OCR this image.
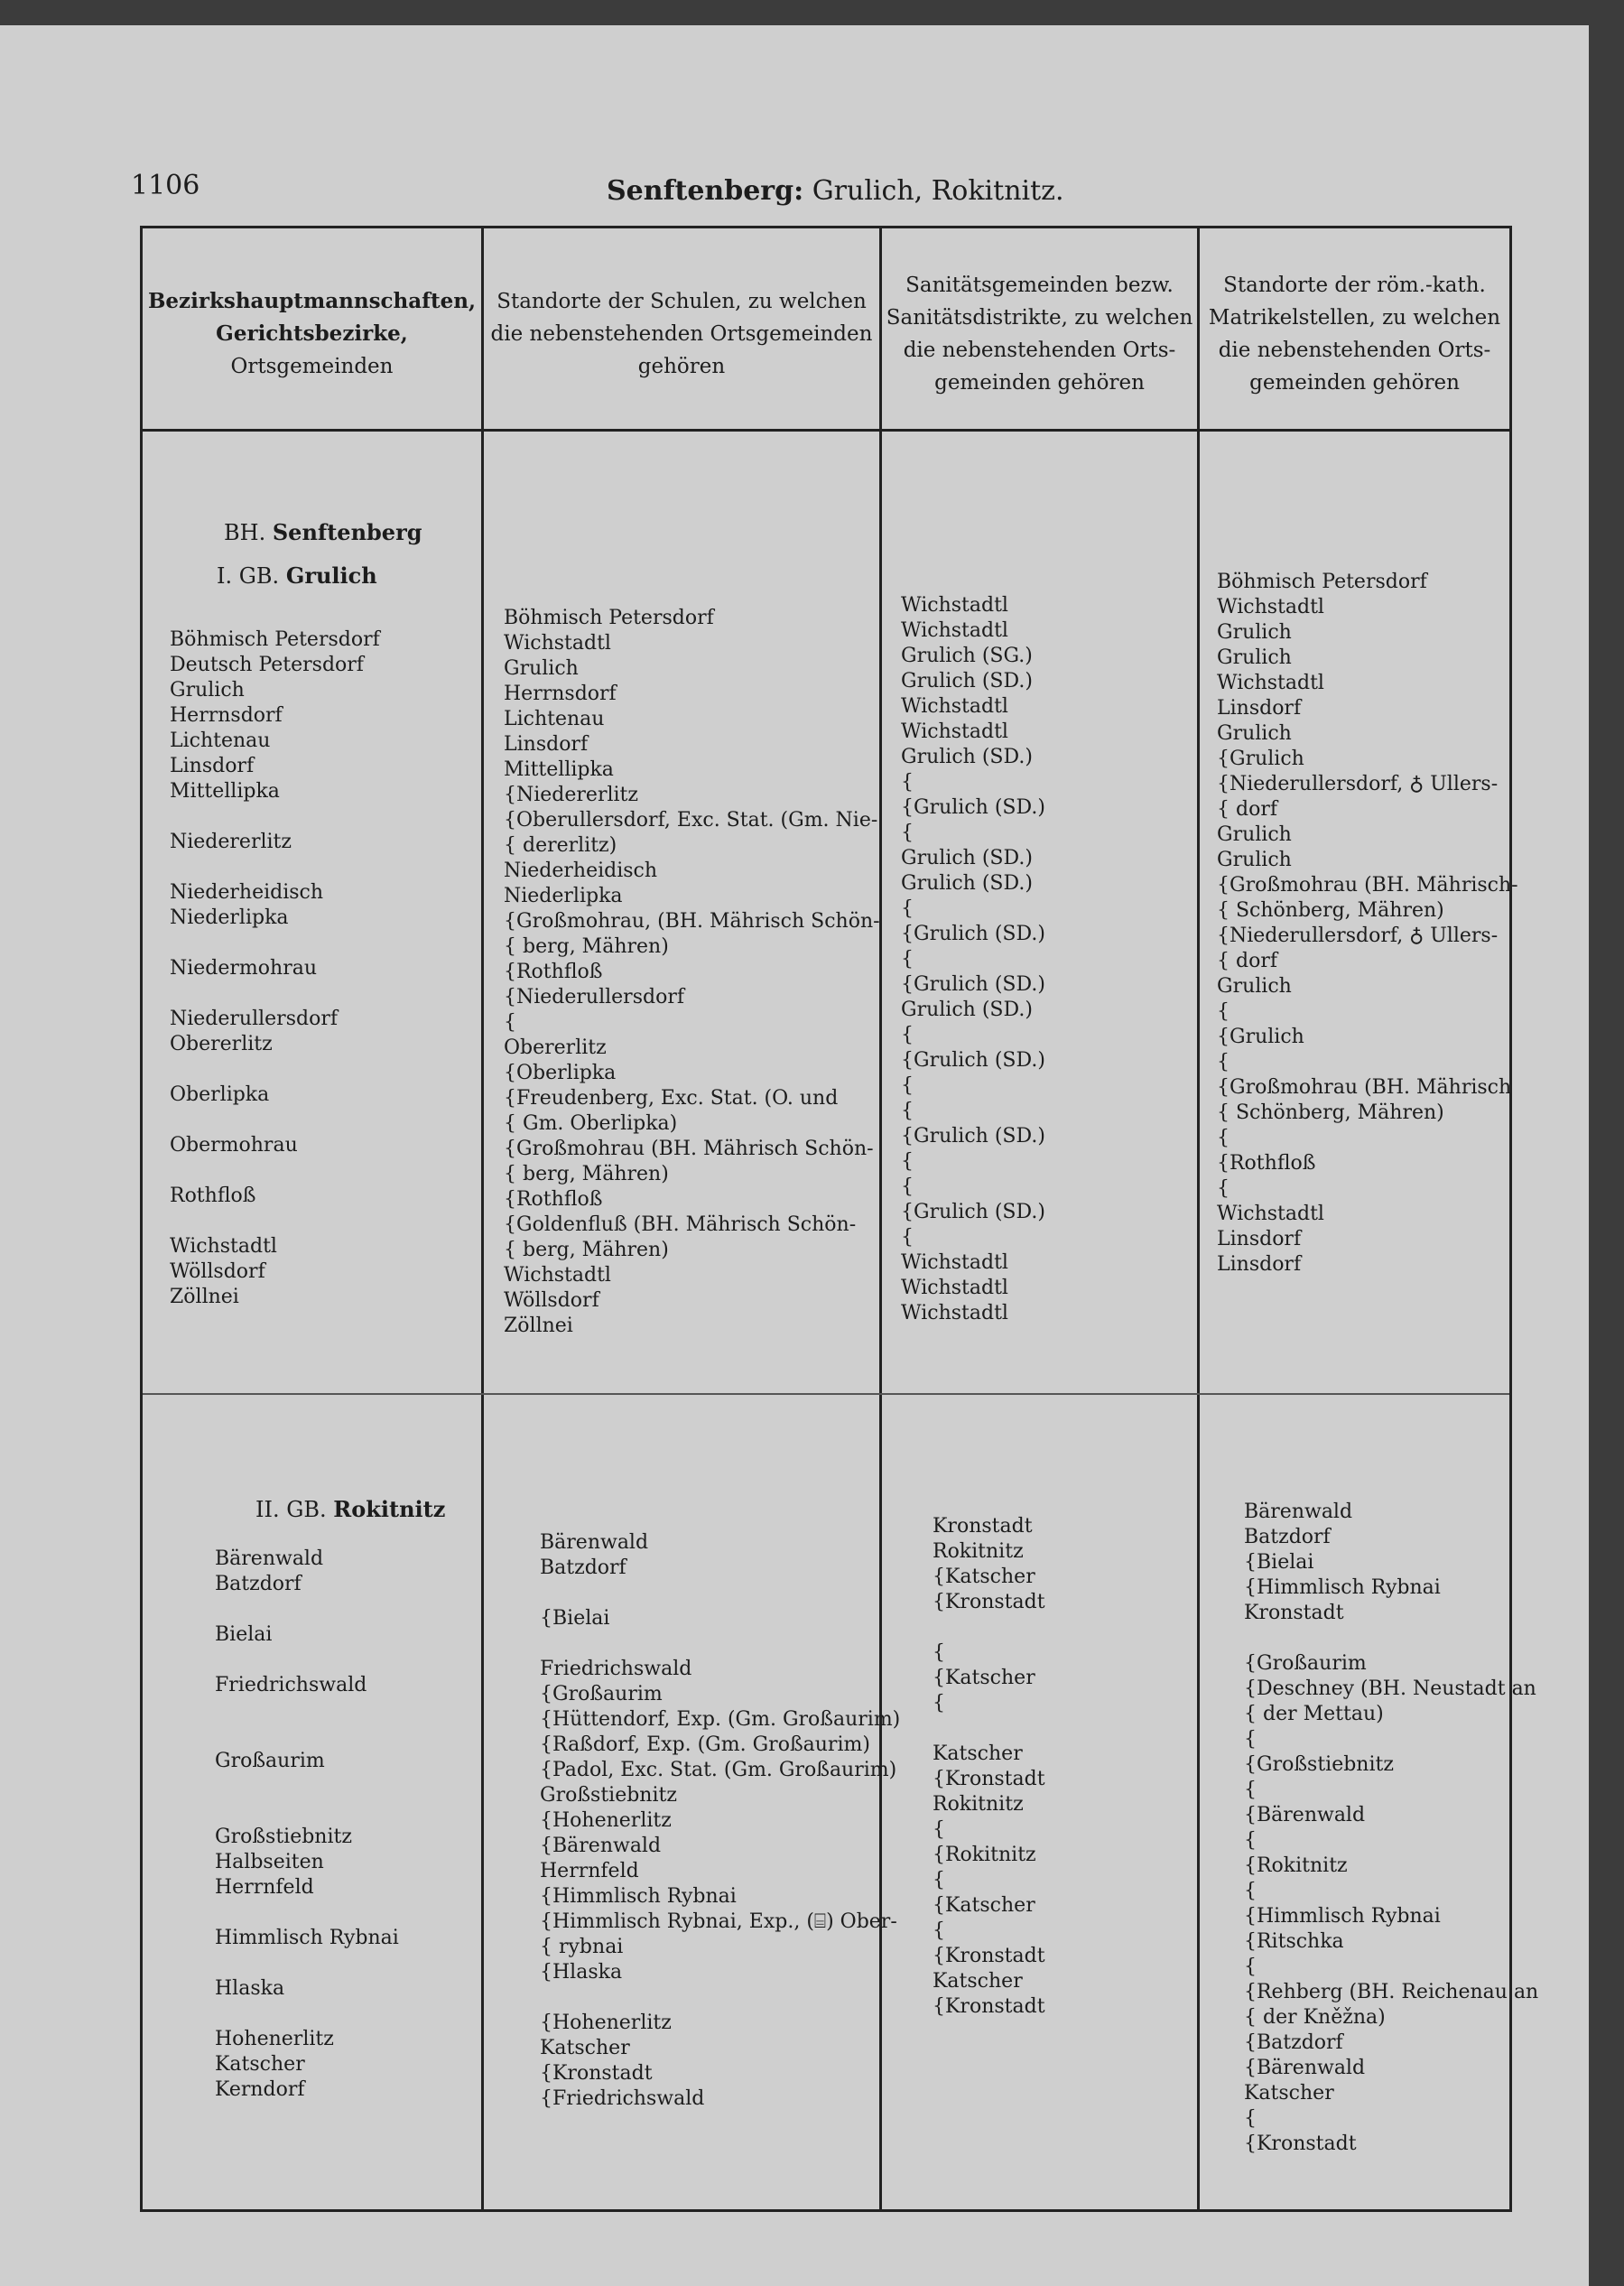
1106	Senftenberg: Grulich, Rokitnitz.
Bezirkshauptmannschaften,
Gerichtsbezirke,
Ortsgemeinden
Standorte der Schulen, zu welchen
die nebenstehenden Ortsgemeinden
gehören
Sanitätsgemeinden bezw.
Sanitätsdistrikte, zu welchen
die nebenstehenden Orts-
gemeinden gehören
Standorte der röm.-kath.
Matrikelstellen, zu welchen
die nebenstehenden Orts-
gemeinden gehören
BH. Senftenberg
I. GB. Grulich
Böhmisch Petersdorf
Deutsch Petersdorf
Grulich
Herrnsdorf
Lichtenau
Linsdorf
Mittellipka
Niedererlitz
Niederheidisch
Niederlipka
Niedermohrau
Niederullersdorf
Obererlitz
Oberlipka
Obermohrau
Rothfloß
Wichstadtl
Wöllsdorf
Zöllnei
Böhmisch Petersdorf
Wichstadtl
Grulich
Herrnsdorf
Lichtenau
Linsdorf
Mittellipka
{Niedererlitz
{Oberullersdorf, Exc. Stat. (Gm. Nie-
{ dererlitz)
Niederheidisch
Niederlipka
{Großmohrau, (BH. Mährisch Schön-
{ berg, Mähren)
{Rothfloß
{Niederullersdorf
{
Obererlitz
{Oberlipka
{Freudenberg, Exc. Stat. (O. und
{ Gm. Oberlipka)
{Großmohrau (BH. Mährisch Schön-
{ berg, Mähren)
{Rothfloß
{Goldenfluß (BH. Mährisch Schön-
{ berg, Mähren)
Wichstadtl
Wöllsdorf
Zöllnei
Wichstadtl
Wichstadtl
Grulich (SG.)
Grulich (SD.)
Wichstadtl
Wichstadtl
Grulich (SD.)
{
{Grulich (SD.)
{
Grulich (SD.)
Grulich (SD.)
{
{Grulich (SD.)
{
{Grulich (SD.)
Grulich (SD.)
{
{Grulich (SD.)
{
{
{Grulich (SD.)
{
{
{Grulich (SD.)
{
Wichstadtl
Wichstadtl
Wichstadtl
Böhmisch Petersdorf
Wichstadtl
Grulich
Grulich
Wichstadtl
Linsdorf
Grulich
{Grulich
{Niederullersdorf, ♁ Ullers-
{ dorf
Grulich
Grulich
{Großmohrau (BH. Mährisch-
{ Schönberg, Mähren)
{Niederullersdorf, ♁ Ullers-
{ dorf
Grulich
{
{Grulich
{
{Großmohrau (BH. Mährisch
{ Schönberg, Mähren)
{
{Rothfloß
{
Wichstadtl
Linsdorf
Linsdorf
II. GB. Rokitnitz
Bärenwald
Batzdorf
Bielai
Friedrichswald
Großaurim
Großstiebnitz
Halbseiten
Herrnfeld
Himmlisch Rybnai
Hlaska
Hohenerlitz
Katscher
Kerndorf
Bärenwald
Batzdorf
{Bielai
Friedrichswald
{Großaurim
{Hüttendorf, Exp. (Gm. Großaurim)
{Raßdorf, Exp. (Gm. Großaurim)
{Padol, Exc. Stat. (Gm. Großaurim)
Großstiebnitz
{Hohenerlitz
{Bärenwald
Herrnfeld
{Himmlisch Rybnai
{Himmlisch Rybnai, Exp., (⌸) Ober-
{ rybnai
{Hlaska
{Hohenerlitz
Katscher
{Kronstadt
{Friedrichswald
Kronstadt
Rokitnitz
{Katscher
{Kronstadt
{
{Katscher
{
Katscher
{Kronstadt
Rokitnitz
{
{Rokitnitz
{
{Katscher
{
{Kronstadt
Katscher
{Kronstadt
Bärenwald
Batzdorf
{Bielai
{Himmlisch Rybnai
Kronstadt
{Großaurim
{Deschney (BH. Neustadt an
{ der Mettau)
{
{Großstiebnitz
{
{Bärenwald
{
{Rokitnitz
{
{Himmlisch Rybnai
{Ritschka
{
{Rehberg (BH. Reichenau an
{ der Kněžna)
{Batzdorf
{Bärenwald
Katscher
{
{Kronstadt
